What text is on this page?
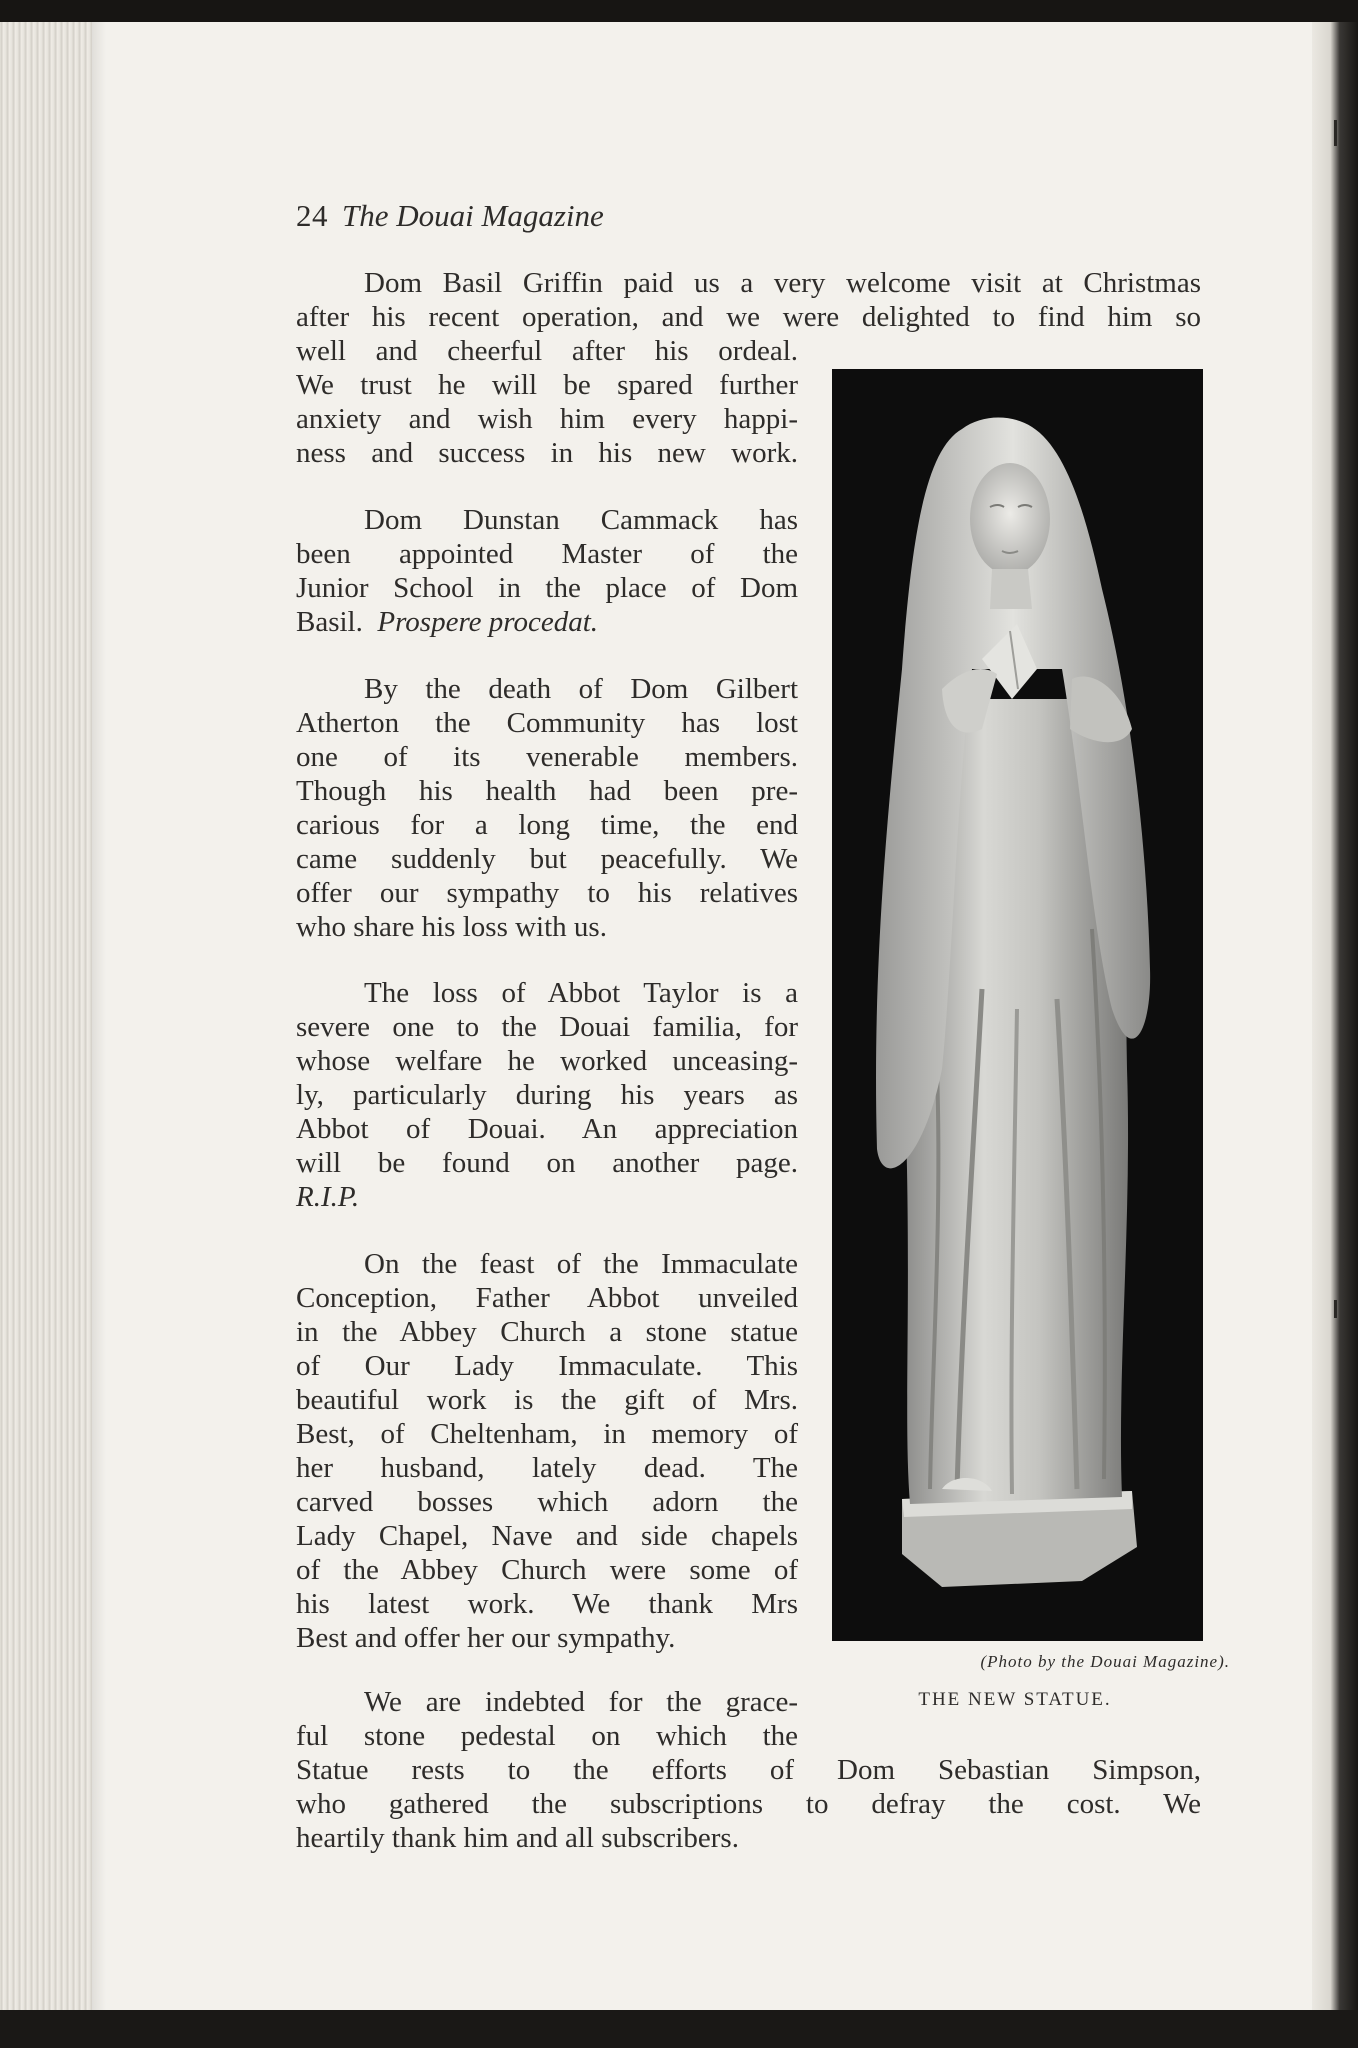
24 The Douai Magazine
Dom Basil Griffin paid us a very welcome visit at Christmas
after his recent operation, and we were delighted to find him so
well and cheerful after his ordeal.
We trust he will be spared further
anxiety and wish him every happi-
ness and success in his new work.
Dom Dunstan Cammack has
been appointed Master of the
Junior School in the place of Dom
Basil. Prospere procedat.
By the death of Dom Gilbert
Atherton the Community has lost
one of its venerable members.
Though his health had been pre-
carious for a long time, the end
came suddenly but peacefully. We
offer our sympathy to his relatives
who share his loss with us.
The loss of Abbot Taylor is a
severe one to the Douai familia, for
whose welfare he worked unceasing-
ly, particularly during his years as
Abbot of Douai. An appreciation
will be found on another page.
R.I.P.
On the feast of the Immaculate
Conception, Father Abbot unveiled
in the Abbey Church a stone statue
of Our Lady Immaculate. This
beautiful work is the gift of Mrs.
Best, of Cheltenham, in memory of
her husband, lately dead. The
carved bosses which adorn the
Lady Chapel, Nave and side chapels
of the Abbey Church were some of
his latest work. We thank Mrs
Best and offer her our sympathy.
We are indebted for the grace-
ful stone pedestal on which the
Statue rests to the efforts of Dom Sebastian Simpson,
who gathered the subscriptions to defray the cost. We
heartily thank him and all subscribers.
(Photo by the Douai Magazine).
THE NEW STATUE.
